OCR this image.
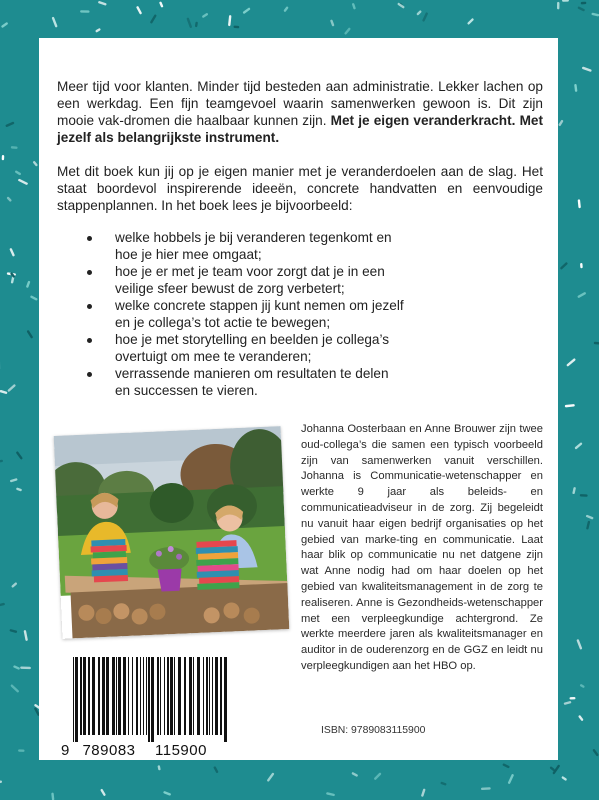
Meer tijd voor klanten. Minder tijd besteden aan administratie. Lekker lachen op een werkdag. Een fijn teamgevoel waarin samenwerken gewoon is. Dit zijn mooie vak-dromen die haalbaar kunnen zijn. Met je eigen veranderkracht. Met jezelf als belangrijkste instrument.

Met dit boek kun jij op je eigen manier met je veranderdoelen aan de slag. Het staat boordevol inspirerende ideeën, concrete handvatten en eenvoudige stappenplannen. In het boek lees je bijvoorbeeld:

welke hobbels je bij veranderen tegenkomt en hoe je hier mee omgaat;
hoe je er met je team voor zorgt dat je in een veilige sfeer bewust de zorg verbetert;
welke concrete stappen jij kunt nemen om jezelf en je collega’s tot actie te bewegen;
hoe je met storytelling en beelden je collega’s overtuigt om mee te veranderen;
verrassende manieren om resultaten te delen en successen te vieren.

Johanna Oosterbaan en Anne Brouwer zijn twee oud-collega’s die samen een typisch voorbeeld zijn van samenwerken vanuit verschillen. Johanna is Communicatie-wetenschapper en werkte 9 jaar als beleids- en communicatieadviseur in de zorg. Zij begeleidt nu vanuit haar eigen bedrijf organisaties op het gebied van marke-ting en communicatie. Laat haar blik op communicatie nu net datgene zijn wat Anne nodig had om haar doelen op het gebied van kwaliteitsmanagement in de zorg te realiseren. Anne is Gezondheids-wetenschapper met een verpleegkundige achtergrond. Ze werkte meerdere jaren als kwaliteitsmanager en auditor in de ouderenzorg en de GGZ en leidt nu verpleegkundigen aan het HBO op.

ISBN: 9789083115900
9 789083 115900
